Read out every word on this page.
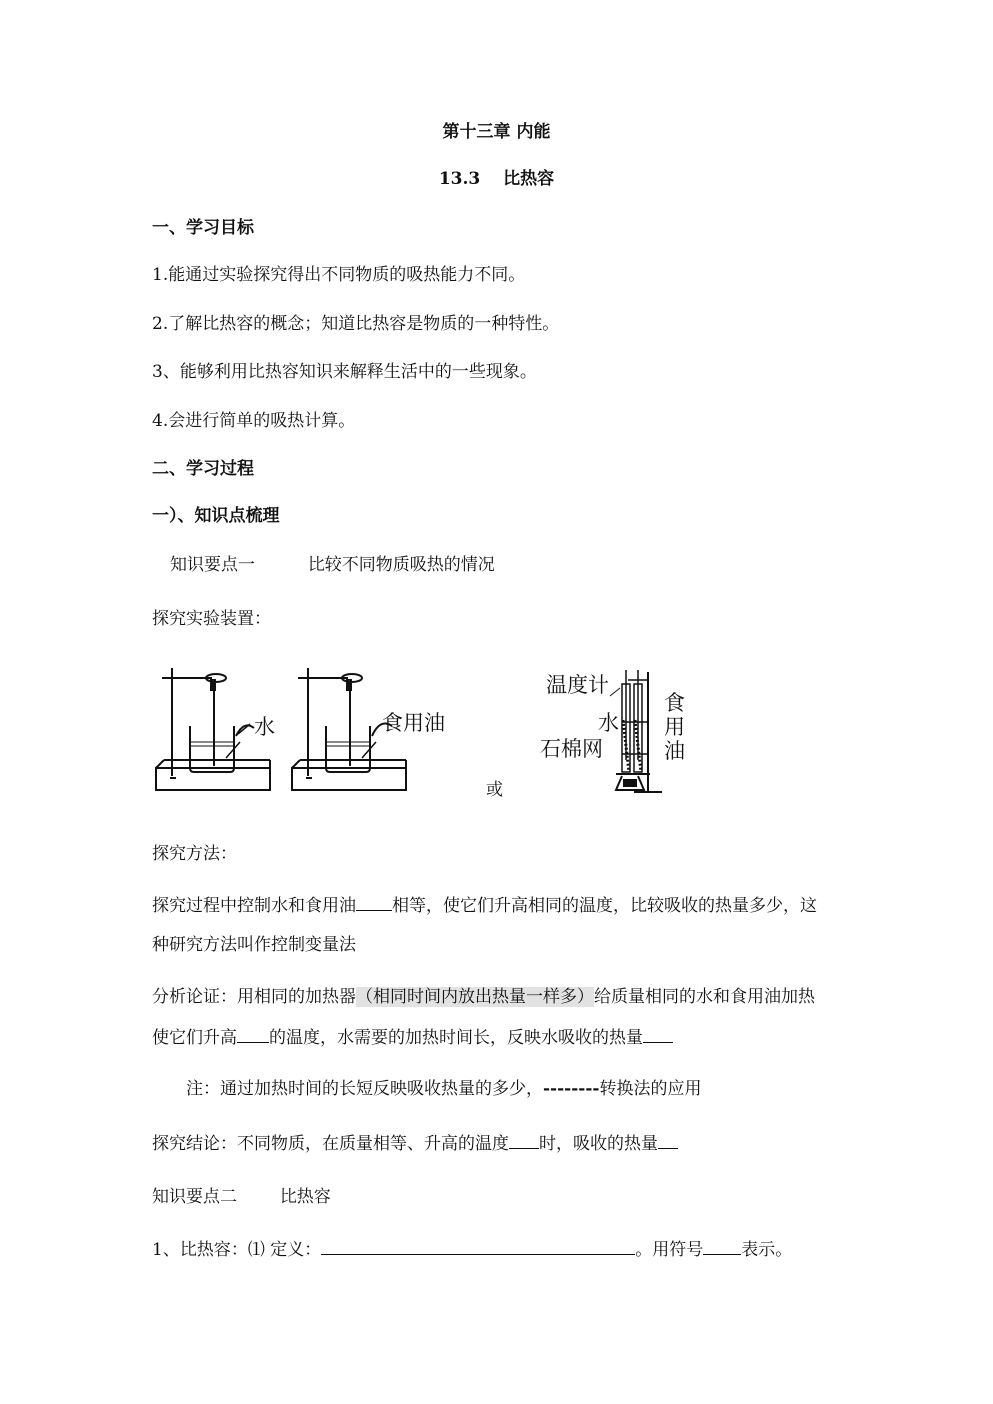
第十三章 内能
13.3　 比热容
一、学习目标
1.能通过实验探究得出不同物质的吸热能力不同。
2.了解比热容的概念；知道比热容是物质的一种特性。
3、能够利用比热容知识来解释生活中的一些现象。
4.会进行简单的吸热计算。
二、学习过程
一）、知识点梳理
知识要点一	比较不同物质吸热的情况
探究实验装置：
水	食用油
温度计
水
石棉网
食
用
油
或
探究方法：
探究过程中控制水和食用油 相等，使它们升高相同的温度，比较吸收的热量多少，这
种研究方法叫作控制变量法
分析论证：用相同的加热器（相同时间内放出热量一样多）给质量相同的水和食用油加热
使它们升高 的温度，水需要的加热时间长，反映水吸收的热量
注：通过加热时间的长短反映吸收热量的多少，--------转换法的应用
探究结论：不同物质，在质量相等、升高的温度 时，吸收的热量
知识要点二	比热容
1、比热容：⑴ 定义：	。用符号 表示。
